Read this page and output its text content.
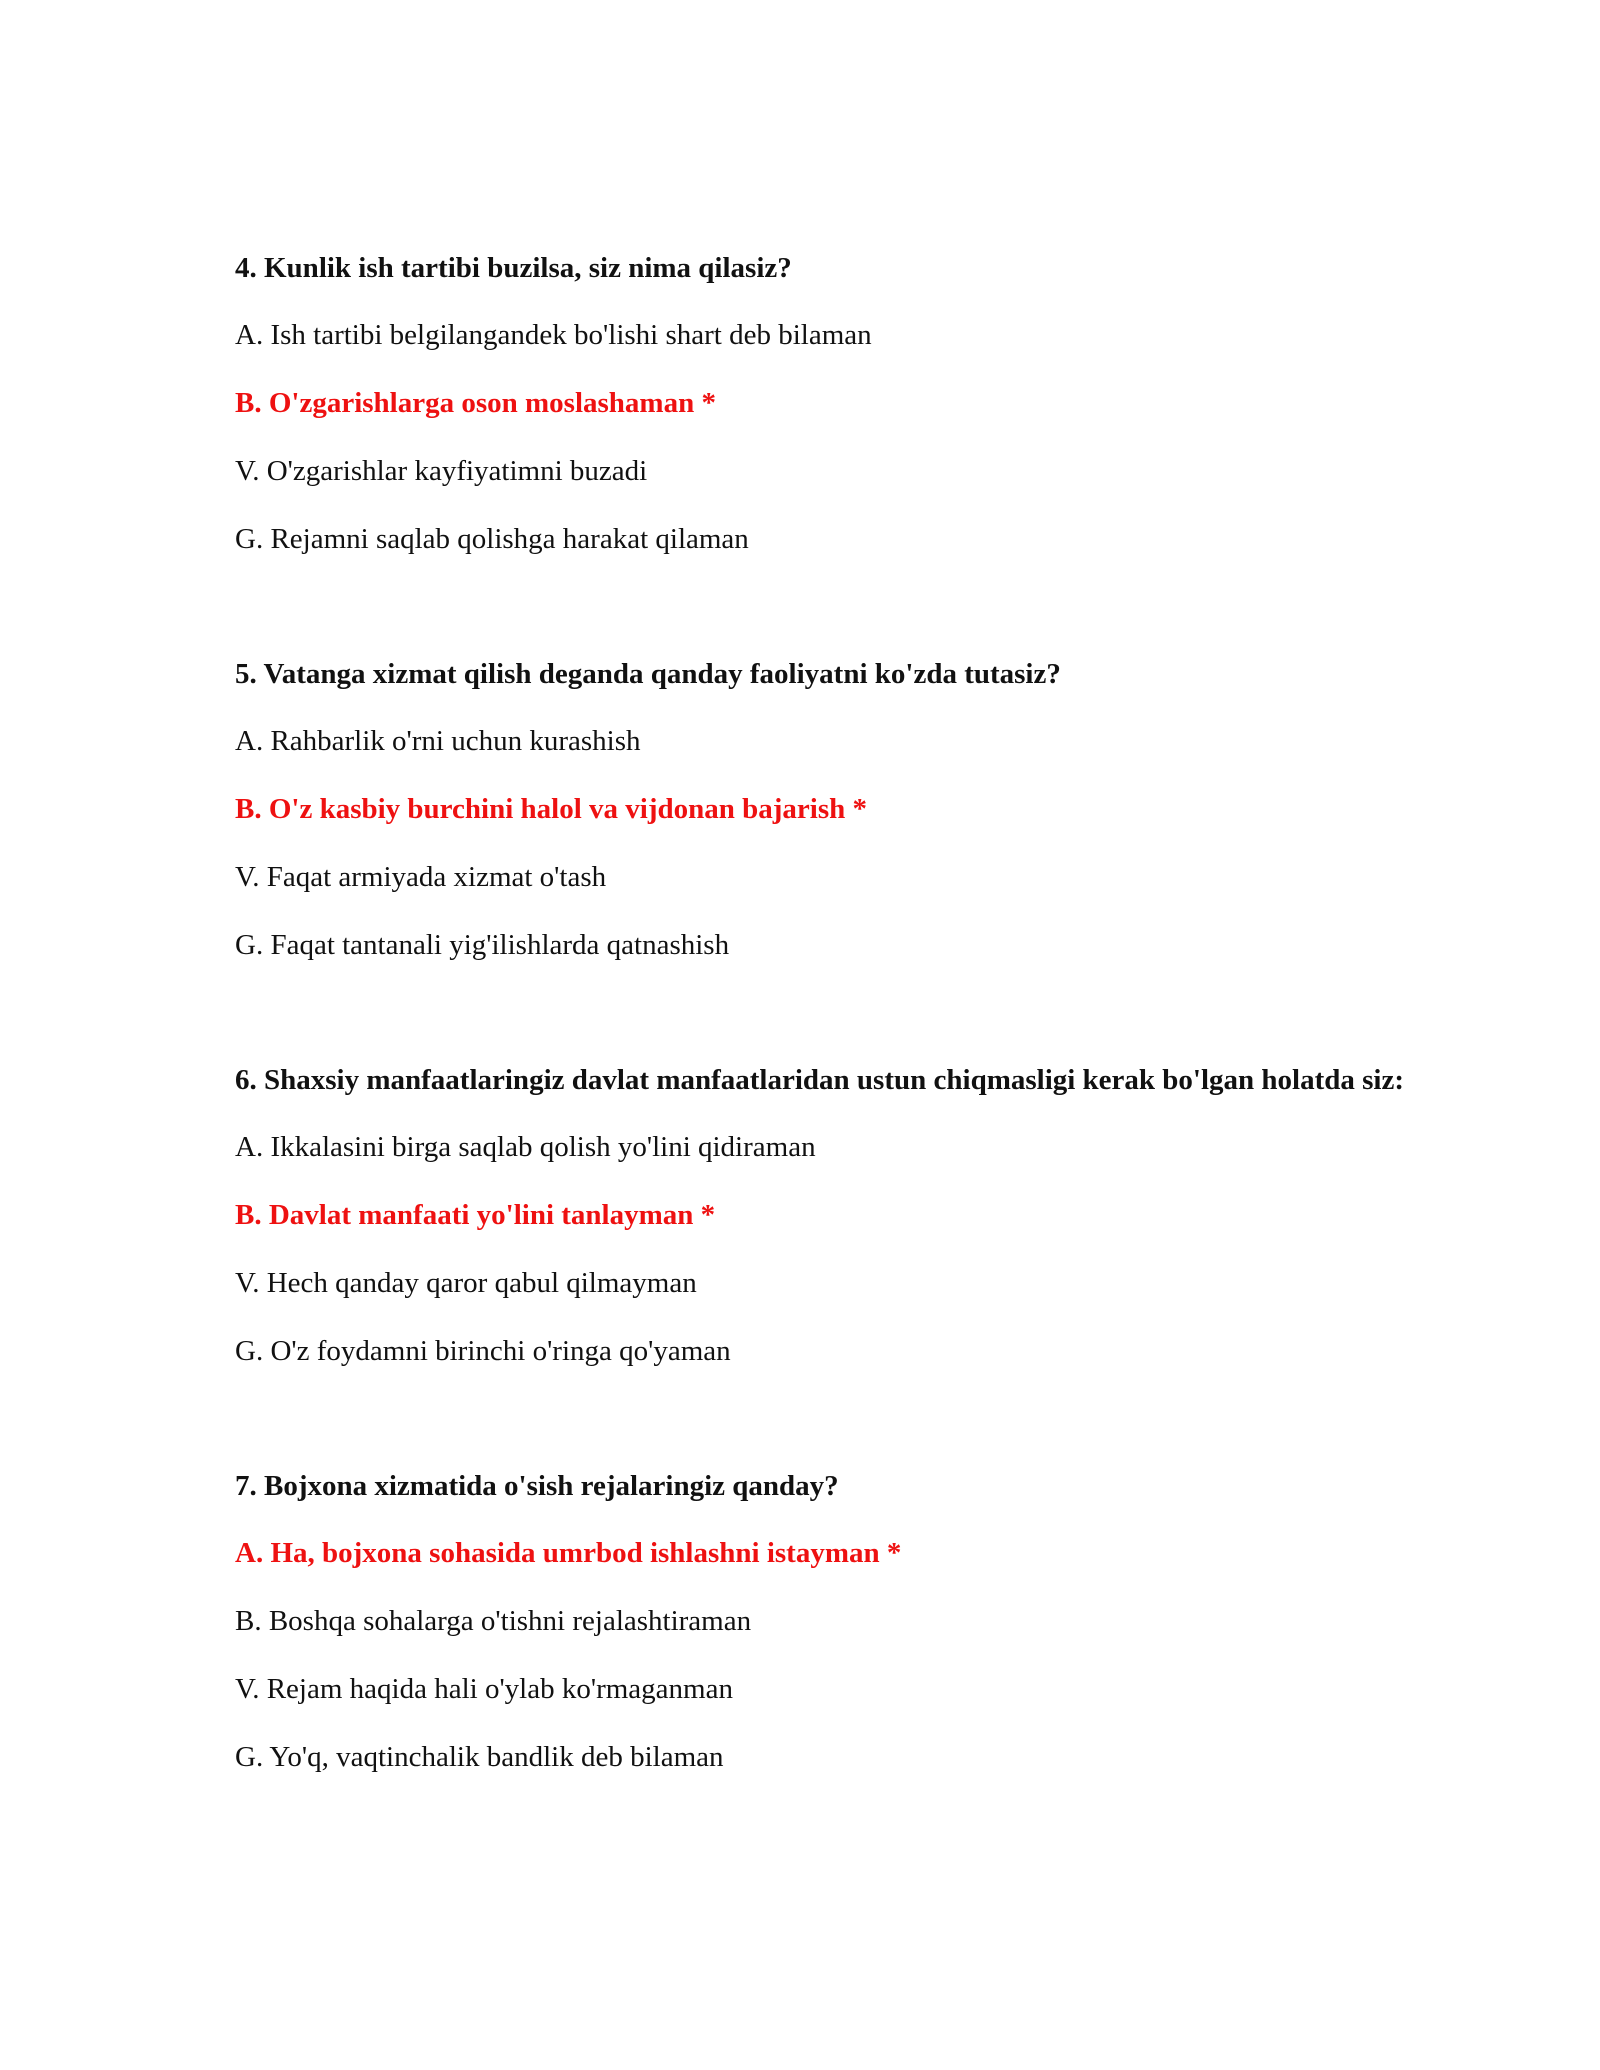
4. Kunlik ish tartibi buzilsa, siz nima qilasiz?

A. Ish tartibi belgilangandek bo'lishi shart deb bilaman

B. O'zgarishlarga oson moslashaman *

V. O'zgarishlar kayfiyatimni buzadi

G. Rejamni saqlab qolishga harakat qilaman

5. Vatanga xizmat qilish deganda qanday faoliyatni ko'zda tutasiz?

A. Rahbarlik o'rni uchun kurashish

B. O'z kasbiy burchini halol va vijdonan bajarish *

V. Faqat armiyada xizmat o'tash

G. Faqat tantanali yig'ilishlarda qatnashish

6. Shaxsiy manfaatlaringiz davlat manfaatlaridan ustun chiqmasligi kerak bo'lgan holatda siz:

A. Ikkalasini birga saqlab qolish yo'lini qidiraman

B. Davlat manfaati yo'lini tanlayman *

V. Hech qanday qaror qabul qilmayman

G. O'z foydamni birinchi o'ringa qo'yaman

7. Bojxona xizmatida o'sish rejalaringiz qanday?

A. Ha, bojxona sohasida umrbod ishlashni istayman *

B. Boshqa sohalarga o'tishni rejalashtiraman

V. Rejam haqida hali o'ylab ko'rmaganman

G. Yo'q, vaqtinchalik bandlik deb bilaman
